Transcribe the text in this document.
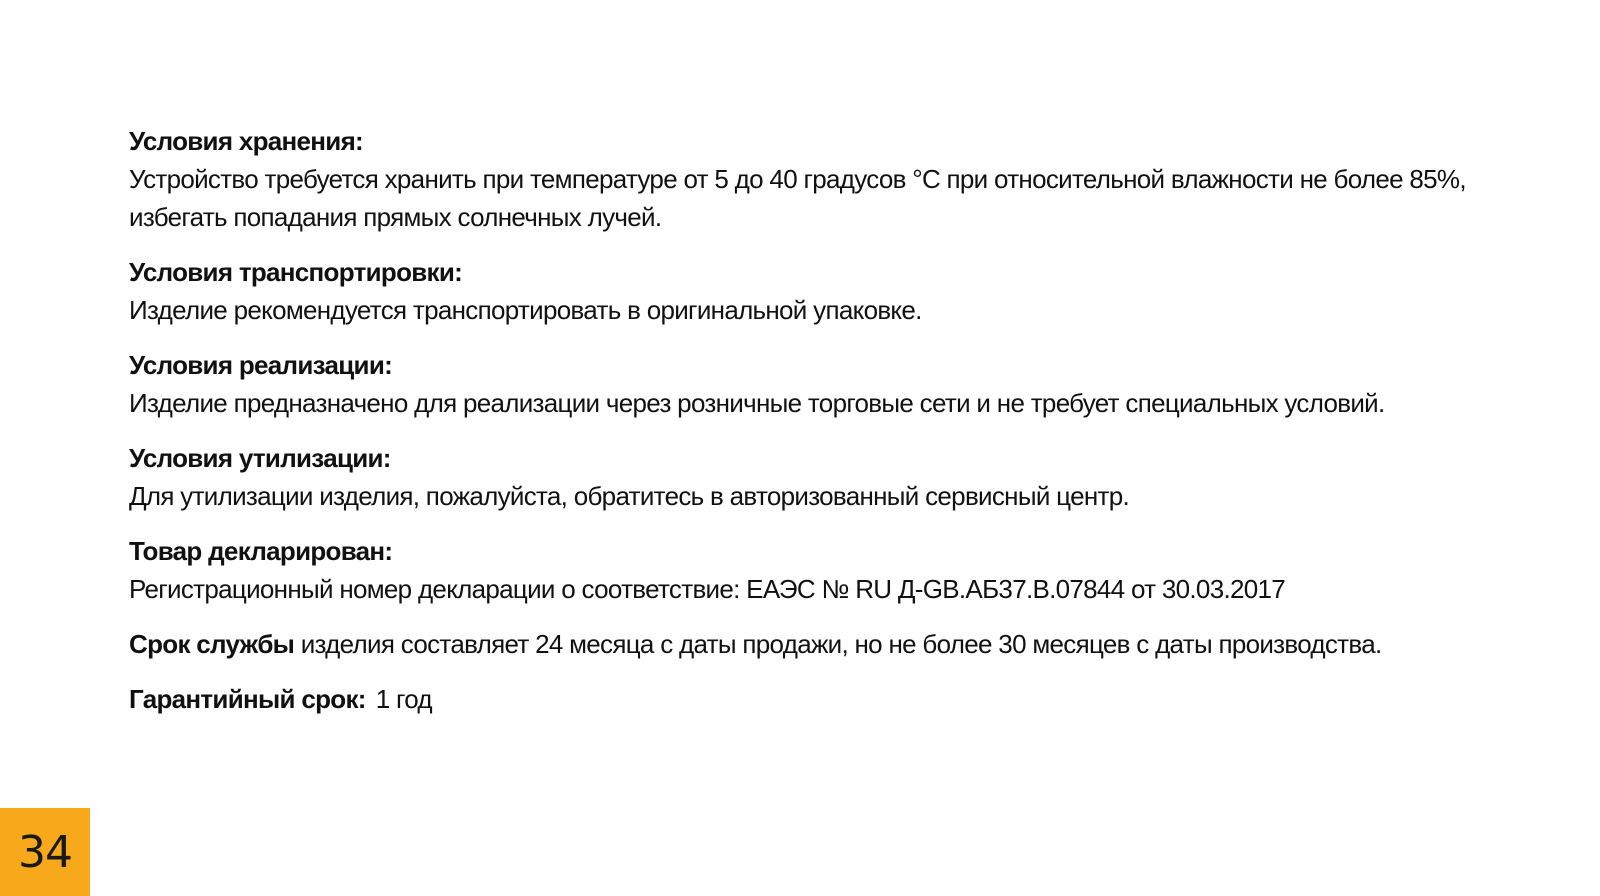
Условия хранения:
Устройство требуется хранить при температуре от 5 до 40 градусов °С при относительной влажности не более 85%, избегать попадания прямых солнечных лучей.
Условия транспортировки:
Изделие рекомендуется транспортировать в оригинальной упаковке.
Условия реализации:
Изделие предназначено для реализации через розничные торговые сети и не требует специальных условий.
Условия утилизации:
Для утилизации изделия, пожалуйста, обратитесь в авторизованный сервисный центр.
Товар декларирован:
Регистрационный номер декларации о соответствие: ЕАЭС № RU Д-GB.АБ37.В.07844 от 30.03.2017
Срок службы изделия составляет 24 месяца с даты продажи, но не более 30 месяцев с даты производства.
Гарантийный срок: 1 год
34
